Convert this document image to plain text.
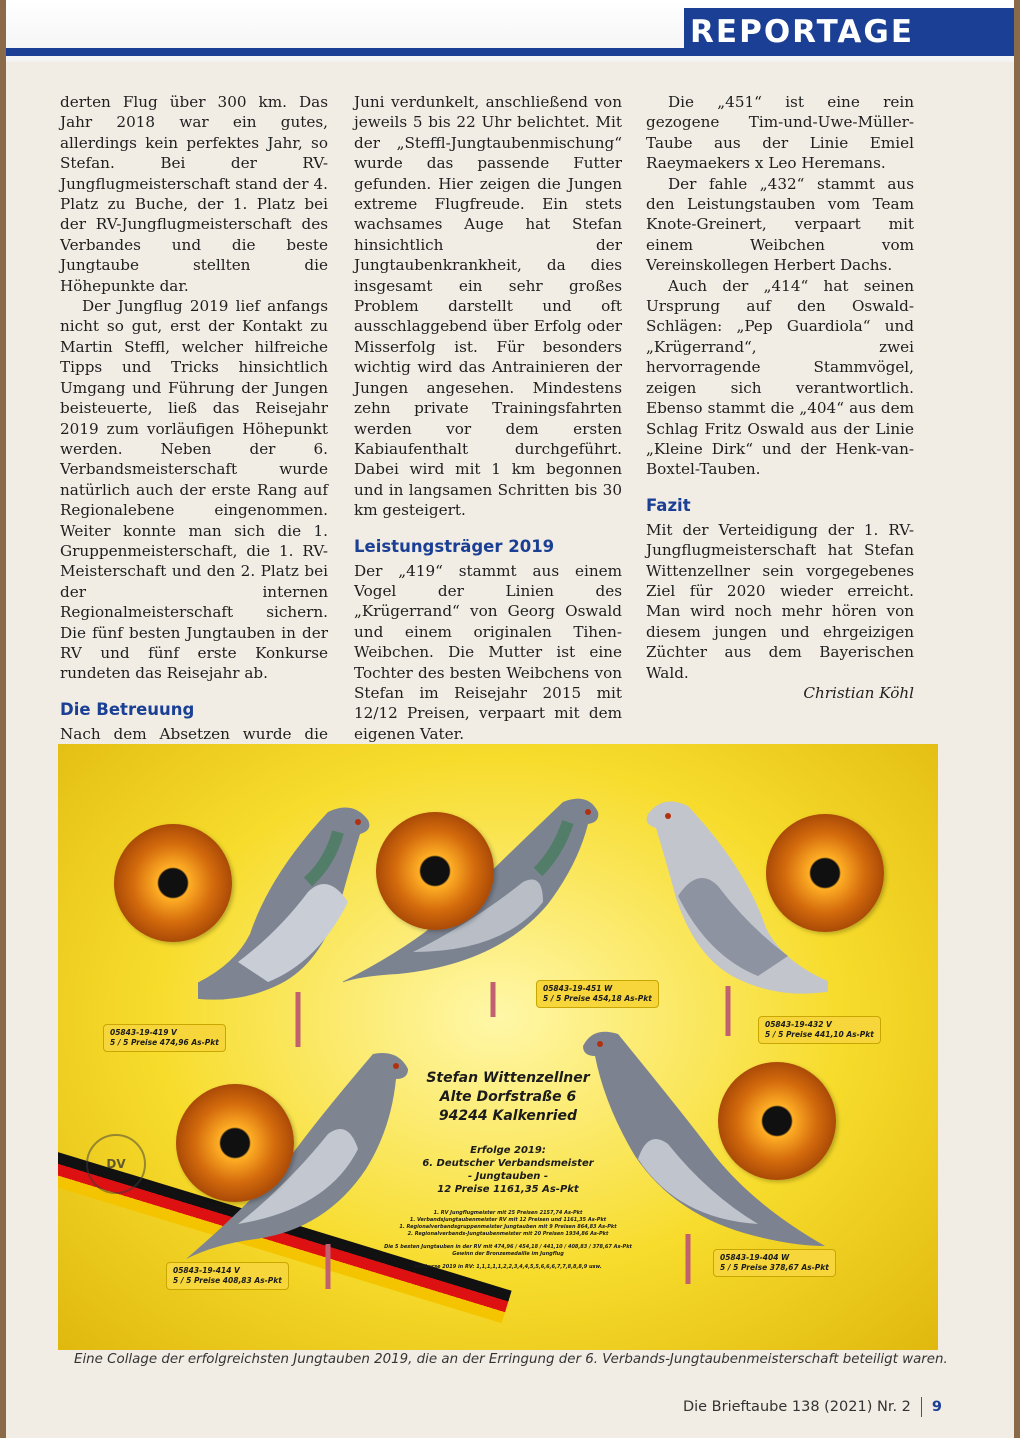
REPORTAGE

derten Flug über 300 km. Das Jahr 2018 war ein gutes, allerdings kein perfektes Jahr, so Stefan. Bei der RV-Jungflugmeisterschaft stand der 4. Platz zu Buche, der 1. Platz bei der RV-Jungflugmeisterschaft des Verbandes und die beste Jungtaube stellten die Höhepunkte dar.

Der Jungflug 2019 lief anfangs nicht so gut, erst der Kontakt zu Martin Steffl, welcher hilfreiche Tipps und Tricks hinsichtlich Umgang und Führung der Jungen beisteuerte, ließ das Reisejahr 2019 zum vorläufigen Höhepunkt werden. Neben der 6. Verbandsmeisterschaft wurde natürlich auch der erste Rang auf Regionalebene eingenommen. Weiter konnte man sich die 1. Gruppenmeisterschaft, die 1. RV-Meisterschaft und den 2. Platz bei der internen Regionalmeisterschaft sichern. Die fünf besten Jungtauben in der RV und fünf erste Konkurse rundeten das Reisejahr ab.

Die Betreuung

Nach dem Absetzen wurde die

Juni verdunkelt, anschließend von jeweils 5 bis 22 Uhr belichtet. Mit der „Steffl-Jungtaubenmischung“ wurde das passende Futter gefunden. Hier zeigen die Jungen extreme Flugfreude. Ein stets wachsames Auge hat Stefan hinsichtlich der Jungtaubenkrankheit, da dies insgesamt ein sehr großes Problem darstellt und oft ausschlaggebend über Erfolg oder Misserfolg ist. Für besonders wichtig wird das Antrainieren der Jungen angesehen. Mindestens zehn private Trainingsfahrten werden vor dem ersten Kabiaufenthalt durchgeführt. Dabei wird mit 1 km begonnen und in langsamen Schritten bis 30 km gesteigert.

Leistungsträger 2019

Der „419“ stammt aus einem Vogel der Linien des „Krügerrand“ von Georg Oswald und einem originalen Tihen-Weibchen. Die Mutter ist eine Tochter des besten Weibchens von Stefan im Reisejahr 2015 mit 12/12 Preisen, verpaart mit dem eigenen Vater.

Die „451“ ist eine rein gezogene Tim-und-Uwe-Müller-Taube aus der Linie Emiel Raeymaekers x Leo Heremans.

Der fahle „432“ stammt aus den Leistungstauben vom Team Knote-Greinert, verpaart mit einem Weibchen vom Vereinskollegen Herbert Dachs.

Auch der „414“ hat seinen Ursprung auf den Oswald-Schlägen: „Pep Guardiola“ und „Krügerrand“, zwei hervorragende Stammvögel, zeigen sich verantwortlich. Ebenso stammt die „404“ aus dem Schlag Fritz Oswald aus der Linie „Kleine Dirk“ und der Henk-van-Boxtel-Tauben.

Fazit

Mit der Verteidigung der 1. RV-Jungflugmeisterschaft hat Stefan Wittenzellner sein vorgegebenes Ziel für 2020 wieder erreicht. Man wird noch mehr hören von diesem jungen und ehrgeizigen Züchter aus dem Bayerischen Wald.

Christian Köhl

05843-19-419 V
5 / 5 Preise 474,96 As-Pkt
05843-19-451 W
5 / 5 Preise 454,18 As-Pkt
05843-19-432 V
5 / 5 Preise 441,10 As-Pkt
05843-19-414 V
5 / 5 Preise 408,83 As-Pkt
05843-19-404 W
5 / 5 Preise 378,67 As-Pkt
Stefan Wittenzellner
Alte Dorfstraße 6
94244 Kalkenried
Erfolge 2019:
6. Deutscher Verbandsmeister
- Jungtauben -
12 Preise 1161,35 As-Pkt
1. RV Jungflugmeister mit 25 Preisen 2157,74 As-Pkt
1. Verbandsjungtaubenmeister RV mit 12 Preisen und 1161,35 As-Pkt
1. Regionalverbandsgruppenmeister Jungtauben mit 9 Preisen 864,83 As-Pkt
2. Regionalverbands-Jungtaubenmeister mit 20 Preisen 1934,86 As-Pkt
Die 5 besten Jungtauben in der RV mit 474,96 / 454,18 / 441,10 / 408,83 / 378,67 As-Pkt
Gewinn der Bronzemedaille im Jungflug
Konkurse 2019 in RV: 1,1,1,1,1,2,2,3,4,4,5,5,6,6,6,7,7,8,8,8,9 usw.
DV
Eine Collage der erfolgreichsten Jungtauben 2019, die an der Erringung der 6. Verbands-Jungtaubenmeisterschaft beteiligt waren.
Die Brieftaube 138 (2021) Nr. 2 9
